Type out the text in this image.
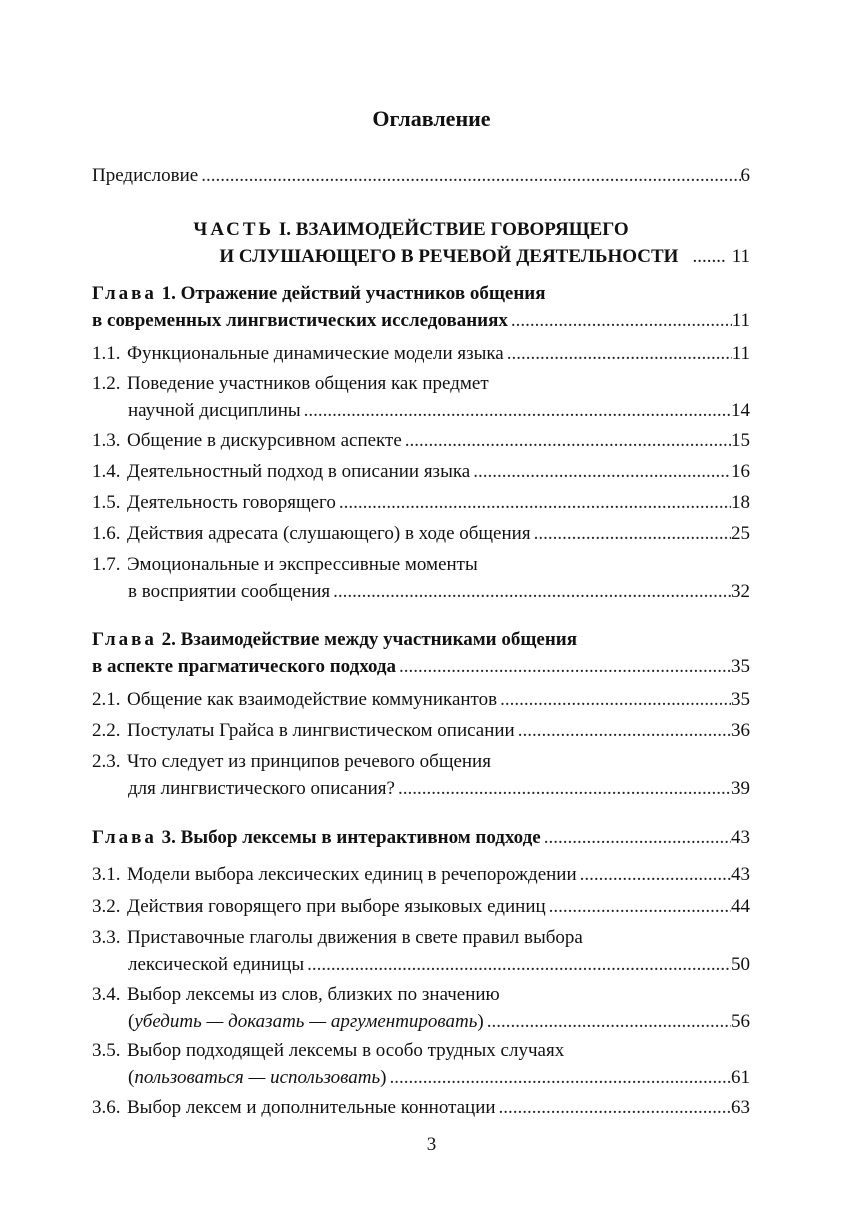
Оглавление
Предисловие .....	6
ЧАСТЬ I. ВЗАИМОДЕЙСТВИЕ ГОВОРЯЩЕГО
И СЛУШАЮЩЕГО В РЕЧЕВОЙ ДЕЯТЕЛЬНОСТИ ....... 11
Глава 1. Отражение действий участников общения
в современных лингвистических исследованиях .....	11
1.1. Функциональные динамические модели языка .....	11
1.2. Поведение участников общения как предмет
научной дисциплины .....	14
1.3. Общение в дискурсивном аспекте .....	15
1.4. Деятельностный подход в описании языка .....	16
1.5. Деятельность говорящего .....	18
1.6. Действия адресата (слушающего) в ходе общения .....	25
1.7. Эмоциональные и экспрессивные моменты
в восприятии сообщения .....	32
Глава 2. Взаимодействие между участниками общения
в аспекте прагматического подхода .....	35
2.1. Общение как взаимодействие коммуникантов .....	35
2.2. Постулаты Грайса в лингвистическом описании .....	36
2.3. Что следует из принципов речевого общения
для лингвистического описания? .....	39
Глава 3. Выбор лексемы в интерактивном подходе .....	43
3.1. Модели выбора лексических единиц в речепорождении .....	43
3.2. Действия говорящего при выборе языковых единиц .....	44
3.3. Приставочные глаголы движения в свете правил выбора
лексической единицы .....	50
3.4. Выбор лексемы из слов, близких по значению
(убедить — доказать — аргументировать) .....	56
3.5. Выбор подходящей лексемы в особо трудных случаях
(пользоваться — использовать) .....	61
3.6. Выбор лексем и дополнительные коннотации .....	63
3
